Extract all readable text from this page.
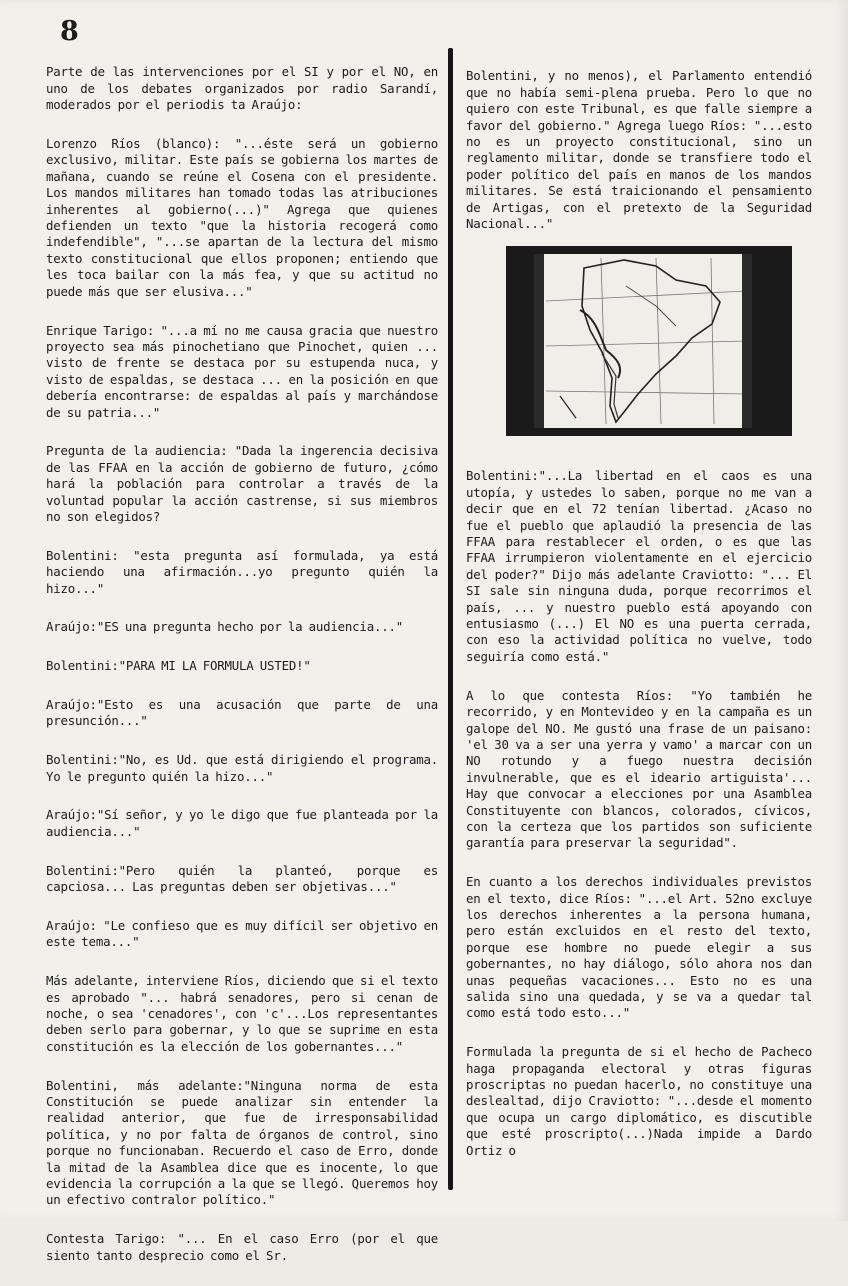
8

Parte de las intervenciones por el SI y por el NO, en uno de los debates organizados por radio Sarandí, moderados por el periodis ta Araújo:

Lorenzo Ríos (blanco): "...éste será un gobierno exclusivo, militar. Este país se gobierna los martes de mañana, cuando se reúne el Cosena con el presidente. Los mandos militares han tomado todas las atribuciones inherentes al gobierno(...)" Agrega que quienes defienden un texto "que la historia recogerá como indefendible", "...se apartan de la lectura del mismo texto constitucional que ellos proponen; entiendo que les toca bailar con la más fea, y que su actitud no puede más que ser elusiva..."

Enrique Tarigo: "...a mí no me causa gracia que nuestro proyecto sea más pinochetiano que Pinochet, quien ... visto de frente se destaca por su estupenda nuca, y visto de espaldas, se destaca ... en la posición en que debería encontrarse: de espaldas al país y marchándose de su patria..."

Pregunta de la audiencia: "Dada la ingerencia decisiva de las FFAA en la acción de gobierno de futuro, ¿cómo hará la población para controlar a través de la voluntad popular la acción castrense, si sus miembros no son elegidos?

Bolentini: "esta pregunta así formulada, ya está haciendo una afirmación...yo pregunto quién la hizo..."

Araújo:"ES una pregunta hecho por la audiencia..."

Bolentini:"PARA MI LA FORMULA USTED!"

Araújo:"Esto es una acusación que parte de una presunción..."

Bolentini:"No, es Ud. que está dirigiendo el programa. Yo le pregunto quién la hizo..."

Araújo:"Sí señor, y yo le digo que fue planteada por la audiencia..."

Bolentini:"Pero quién la planteó, porque es capciosa... Las preguntas deben ser objetivas..."

Araújo: "Le confieso que es muy difícil ser objetivo en este tema..."

Más adelante, interviene Ríos, diciendo que si el texto es aprobado "... habrá senadores, pero si cenan de noche, o sea 'cenadores', con 'c'...Los representantes deben serlo para gobernar, y lo que se suprime en esta constitución es la elección de los gobernantes..."

Bolentini, más adelante:"Ninguna norma de esta Constitución se puede analizar sin entender la realidad anterior, que fue de irresponsabilidad política, y no por falta de órganos de control, sino porque no funcionaban. Recuerdo el caso de Erro, donde la mitad de la Asamblea dice que es inocente, lo que evidencia la corrupción a la que se llegó. Queremos hoy un efectivo contralor político."

Contesta Tarigo: "... En el caso Erro (por el que siento tanto desprecio como el Sr.

Bolentini, y no menos), el Parlamento entendió que no había semi-plena prueba. Pero lo que no quiero con este Tribunal, es que falle siempre a favor del gobierno." Agrega luego Ríos: "...esto no es un proyecto constitucional, sino un reglamento militar, donde se transfiere todo el poder político del país en manos de los mandos militares. Se está traicionando el pensamiento de Artigas, con el pretexto de la Seguridad Nacional..."

Bolentini:"...La libertad en el caos es una utopía, y ustedes lo saben, porque no me van a decir que en el 72 tenían libertad. ¿Acaso no fue el pueblo que aplaudió la presencia de las FFAA para restablecer el orden, o es que las FFAA irrumpieron violentamente en el ejercicio del poder?" Dijo más adelante Craviotto: "... El SI sale sin ninguna duda, porque recorrimos el país, ... y nuestro pueblo está apoyando con entusiasmo (...) El NO es una puerta cerrada, con eso la actividad política no vuelve, todo seguiría como está."

A lo que contesta Ríos: "Yo también he recorrido, y en Montevideo y en la campaña es un galope del NO. Me gustó una frase de un paisano: 'el 30 va a ser una yerra y vamo' a marcar con un NO rotundo y a fuego nuestra decisión invulnerable, que es el ideario artiguista'... Hay que convocar a elecciones por una Asamblea Constituyente con blancos, colorados, cívicos, con la certeza que los partidos son suficiente garantía para preservar la seguridad".

En cuanto a los derechos individuales previstos en el texto, dice Ríos: "...el Art. 52no excluye los derechos inherentes a la persona humana, pero están excluidos en el resto del texto, porque ese hombre no puede elegir a sus gobernantes, no hay diálogo, sólo ahora nos dan unas pequeñas vacaciones... Esto no es una salida sino una quedada, y se va a quedar tal como está todo esto..."

Formulada la pregunta de si el hecho de Pacheco haga propaganda electoral y otras figuras proscriptas no puedan hacerlo, no constituye una deslealtad, dijo Craviotto: "...desde el momento que ocupa un cargo diplomático, es discutible que esté proscripto(...)Nada impide a Dardo Ortiz o
